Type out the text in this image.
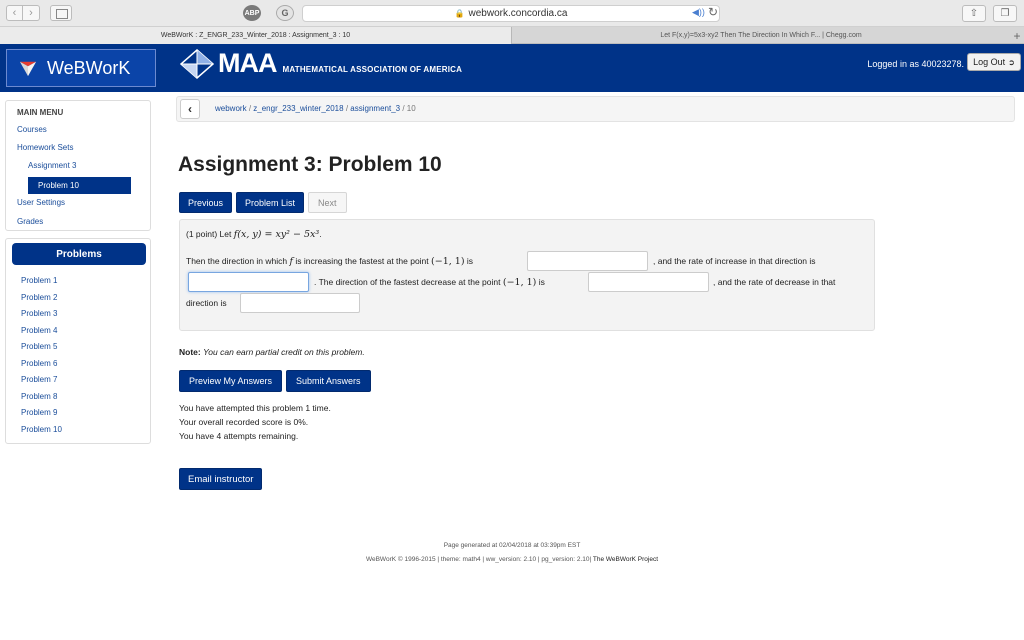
‹	›	ABP	G	🔒 webwork.concordia.ca	◀)) ↻	⇧	❐
WeBWorK : Z_ENGR_233_Winter_2018 : Assignment_3 : 10	Let F(x,y)=5x3-xy2 Then The Direction In Which F... | Chegg.com	+
WeBWorK	MAA MATHEMATICAL ASSOCIATION OF AMERICA
Logged in as 40023278. Log Out ➲
MAIN MENU
Courses
Homework Sets
Assignment 3
Problem 10
User Settings
Grades
Problems
Problem 1
Problem 2
Problem 3
Problem 4
Problem 5
Problem 6
Problem 7
Problem 8
Problem 9
Problem 10
‹	webwork / z_engr_233_winter_2018 / assignment_3 / 10
Assignment 3: Problem 10
Previous	Problem List	Next
(1 point) Let f(x, y) = xy² − 5x³.
Then the direction in which f is increasing the fastest at the point (−1, 1) is	, and the rate of increase in that direction is
. The direction of the fastest decrease at the point (−1, 1) is	, and the rate of decrease in that
direction is
Note: You can earn partial credit on this problem.
Preview My Answers	Submit Answers
You have attempted this problem 1 time.
Your overall recorded score is 0%.
You have 4 attempts remaining.
Email instructor
Page generated at 02/04/2018 at 03:39pm EST
WeBWorK © 1996-2015 | theme: math4 | ww_version: 2.10 | pg_version: 2.10| The WeBWorK Project
